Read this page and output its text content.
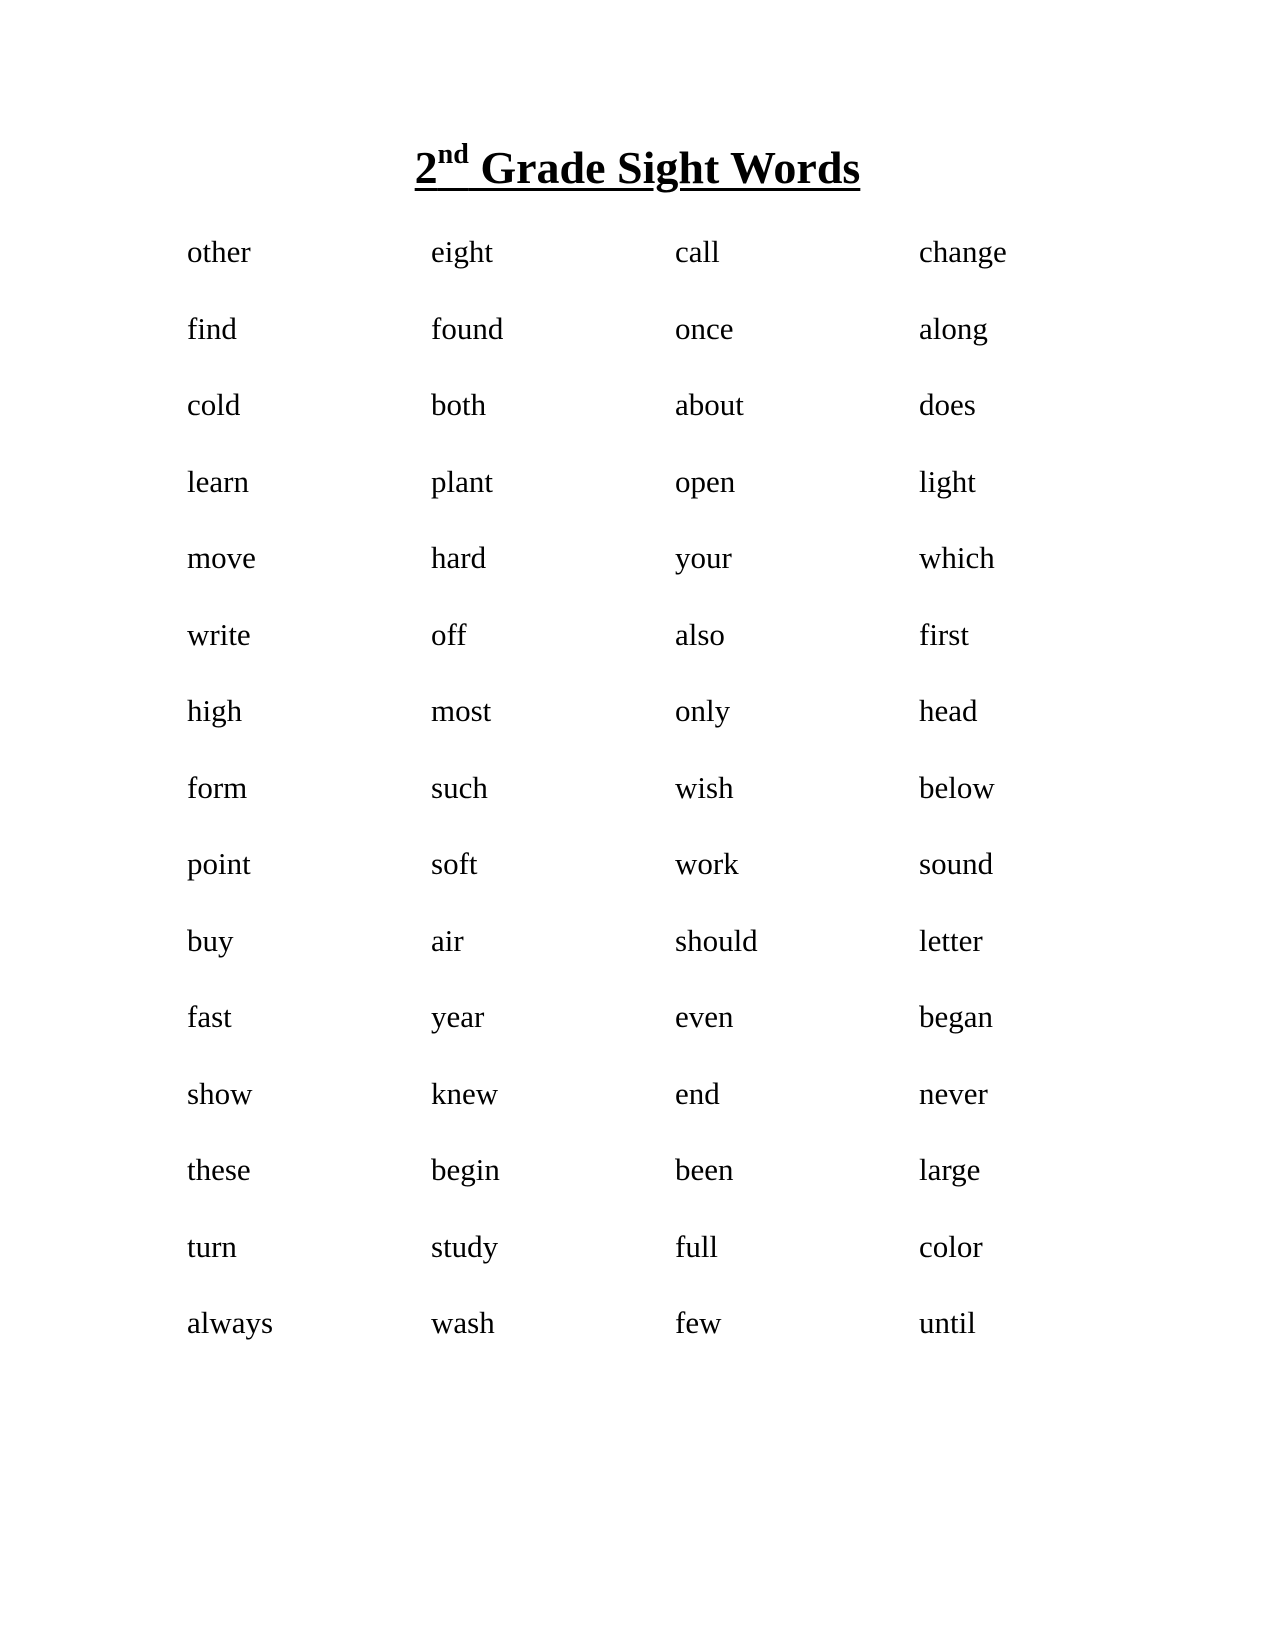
2nd Grade Sight Words
other	eight	call	change
find	found	once	along
cold	both	about	does
learn	plant	open	light
move	hard	your	which
write	off	also	first
high	most	only	head
form	such	wish	below
point	soft	work	sound
buy	air	should	letter
fast	year	even	began
show	knew	end	never
these	begin	been	large
turn	study	full	color
always	wash	few	until
